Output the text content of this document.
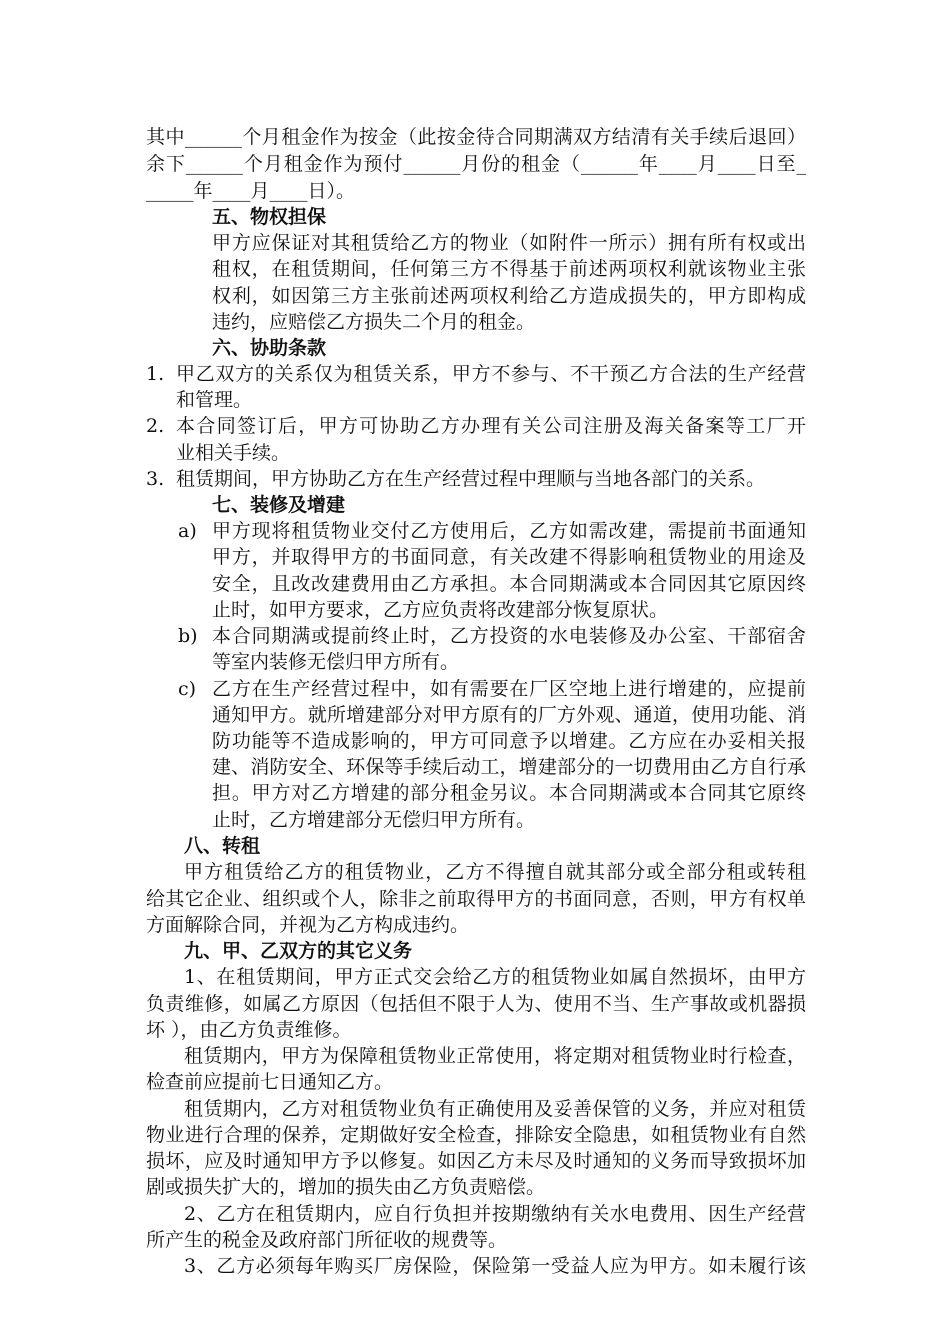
其中______个月租金作为按金（此按金待合同期满双方结清有关手续后退回）
余下______个月租金作为预付______月份的租金（______年____月____日至_
_____年____月____日）。
五、物权担保
甲方应保证对其租赁给乙方的物业（如附件一所示）拥有所有权或出
租权，在租赁期间，任何第三方不得基于前述两项权利就该物业主张
权利，如因第三方主张前述两项权利给乙方造成损失的，甲方即构成
违约，应赔偿乙方损失二个月的租金。
六、协助条款
1. 甲乙双方的关系仅为租赁关系，甲方不参与、不干预乙方合法的生产经营
和管理。
2. 本合同签订后，甲方可协助乙方办理有关公司注册及海关备案等工厂开
业相关手续。
3. 租赁期间，甲方协助乙方在生产经营过程中理顺与当地各部门的关系。
七、装修及增建
a) 甲方现将租赁物业交付乙方使用后，乙方如需改建，需提前书面通知
甲方，并取得甲方的书面同意，有关改建不得影响租赁物业的用途及
安全，且改改建费用由乙方承担。本合同期满或本合同因其它原因终
止时，如甲方要求，乙方应负责将改建部分恢复原状。
b) 本合同期满或提前终止时，乙方投资的水电装修及办公室、干部宿舍
等室内装修无偿归甲方所有。
c) 乙方在生产经营过程中，如有需要在厂区空地上进行增建的，应提前
通知甲方。就所增建部分对甲方原有的厂方外观、通道，使用功能、消
防功能等不造成影响的，甲方可同意予以增建。乙方应在办妥相关报
建、消防安全、环保等手续后动工，增建部分的一切费用由乙方自行承
担。甲方对乙方增建的部分租金另议。本合同期满或本合同其它原终
止时，乙方增建部分无偿归甲方所有。
八、转租
甲方租赁给乙方的租赁物业，乙方不得擅自就其部分或全部分租或转租
给其它企业、组织或个人，除非之前取得甲方的书面同意，否则，甲方有权单
方面解除合同，并视为乙方构成违约。
九、甲、乙双方的其它义务
1、在租赁期间，甲方正式交会给乙方的租赁物业如属自然损坏，由甲方
负责维修，如属乙方原因（包括但不限于人为、使用不当、生产事故或机器损
坏 ），由乙方负责维修。
租赁期内，甲方为保障租赁物业正常使用，将定期对租赁物业时行检查，
检查前应提前七日通知乙方。
租赁期内，乙方对租赁物业负有正确使用及妥善保管的义务，并应对租赁
物业进行合理的保养，定期做好安全检查，排除安全隐患，如租赁物业有自然
损坏，应及时通知甲方予以修复。如因乙方未尽及时通知的义务而导致损坏加
剧或损失扩大的，增加的损失由乙方负责赔偿。
2、乙方在租赁期内，应自行负担并按期缴纳有关水电费用、因生产经营
所产生的税金及政府部门所征收的规费等。
3、乙方必须每年购买厂房保险，保险第一受益人应为甲方。如未履行该
